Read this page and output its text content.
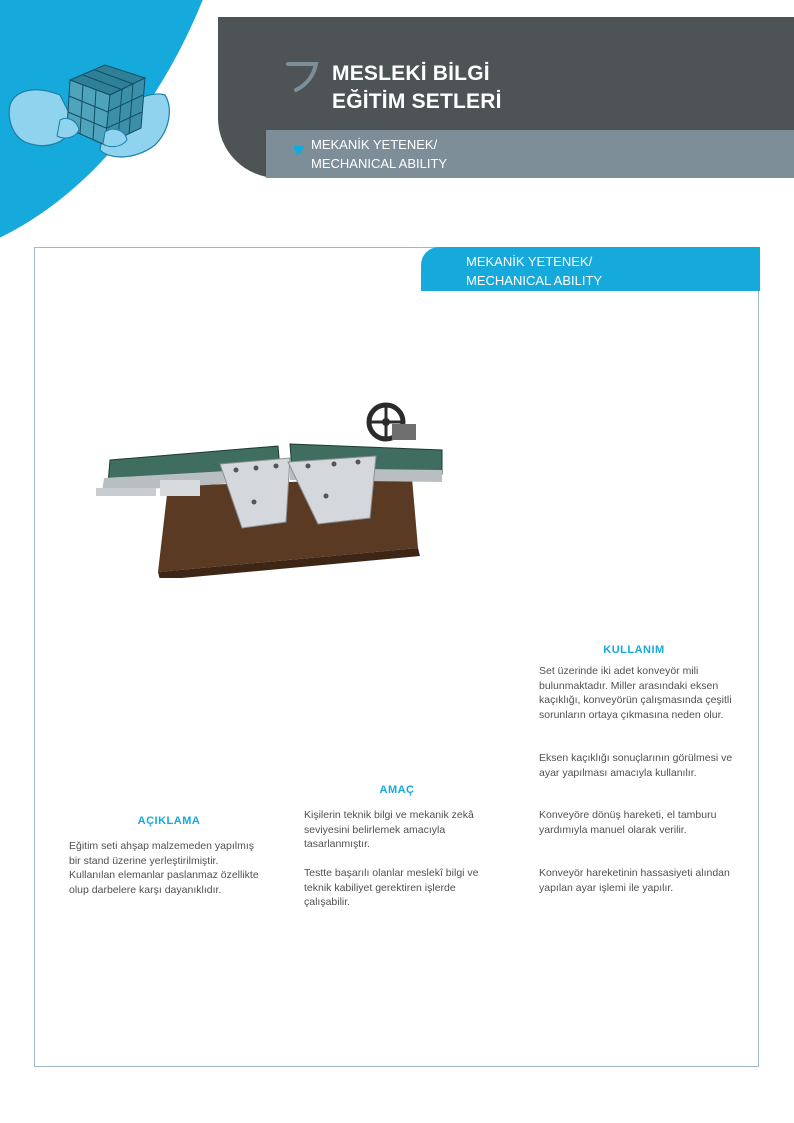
MESLEKİ BİLGİ
EĞİTİM SETLERİ
MEKANİK YETENEK/
MECHANICAL ABILITY
MEKANİK YETENEK/
MECHANICAL ABILITY
AÇIKLAMA

Eğitim seti ahşap malzemeden yapılmış bir stand üzerine yerleştirilmiştir. Kullanılan elemanlar paslanmaz özellikte olup darbelere karşı dayanıklıdır.

AMAÇ

Kişilerin teknik bilgi ve mekanik zekâ seviyesini belirlemek amacıyla tasarlanmıştır.

Testte başarılı olanlar meslekî bilgi ve teknik kabiliyet gerektiren işlerde çalışabilir.

KULLANIM

Set üzerinde iki adet konveyör mili bulunmaktadır. Miller arasındaki eksen kaçıklığı, konveyörün çalışmasında çeşitli sorunların ortaya çıkmasına neden olur.

Eksen kaçıklığı sonuçlarının görülmesi ve ayar yapılması amacıyla kullanılır.

Konveyöre dönüş hareketi, el tamburu yardımıyla manuel olarak verilir.

Konveyör hareketinin hassasiyeti alından yapılan ayar işlemi ile yapılır.
